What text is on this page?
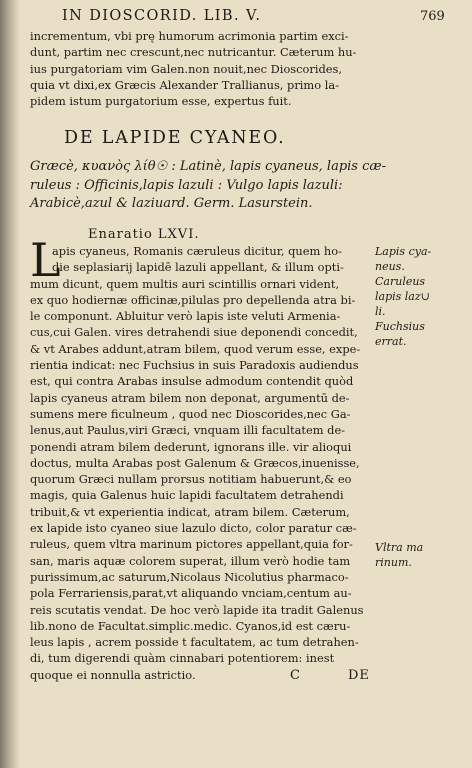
IN DIOSCORID. LIB. V.	769
incrementum, vbi prę humorum acrimonia partim exci-
dunt, partim nec crescunt,nec nutricantur. Cæterum hu-
ius purgatoriam vim Galen.non nouit,nec Dioscorides,
quia vt dixi,ex Græcis Alexander Trallianus, primo la-
pidem istum purgatorium esse, expertus fuit.
DE LAPIDE CYANEO.
Græcè, κυανὸς λίθ☉ : Latinè, lapis cyaneus, lapis cæ-
ruleus : Officinis,lapis lazuli : Vulgo lapis lazuli:
Arabicè,azul & laziuard. Germ. Lasurstein.
Enaratio LXVI.
L
apis cyaneus, Romanis cæruleus dicitur, quem ho-
die seplasiarij lapidē lazuli appellant, & illum opti-
mum dicunt, quem multis auri scintillis ornari vident,
ex quo hodiernæ officinæ,pilulas pro depellenda atra bi-
le componunt. Abluitur verò lapis iste veluti Armenia-
cus,cui Galen. vires detrahendi siue deponendi concedit,
& vt Arabes addunt,atram bilem, quod verum esse, expe-
rientia indicat: nec Fuchsius in suis Paradoxis audiendus
est, qui contra Arabas insulse admodum contendit quòd
lapis cyaneus atram bilem non deponat, argumentū de-
sumens mere ficulneum , quod nec Dioscorides,nec Ga-
lenus,aut Paulus,viri Græci, vnquam illi facultatem de-
ponendi atram bilem dederunt, ignorans ille. vir alioqui
doctus, multa Arabas post Galenum & Græcos,inuenisse,
quorum Græci nullam prorsus notitiam habuerunt,& eo
magis, quia Galenus huic lapidi facultatem detrahendi
tribuit,& vt experientia indicat, atram bilem. Cæterum,
ex lapide isto cyaneo siue lazulo dicto, color paratur cæ-
ruleus, quem vltra marinum pictores appellant,quia for-
san, maris aquæ colorem superat, illum verò hodie tam
purissimum,ac saturum,Nicolaus Nicolutius pharmaco-
pola Ferrariensis,parat,vt aliquando vnciam,centum au-
reis scutatis vendat. De hoc verò lapide ita tradit Galenus
lib.nono de Facultat.simplic.medic. Cyanos,id est cæru-
leus lapis , acrem posside t facultatem, ac tum detrahen-
di, tum digerendi quàm cinnabari potentiorem: inest
quoque ei nonnulla astrictio.
Lapis cya-
neus.
Caruleus
lapis laz∪
li.
Fuchsius
errat.
Vltra ma
rinum.
C	DE
